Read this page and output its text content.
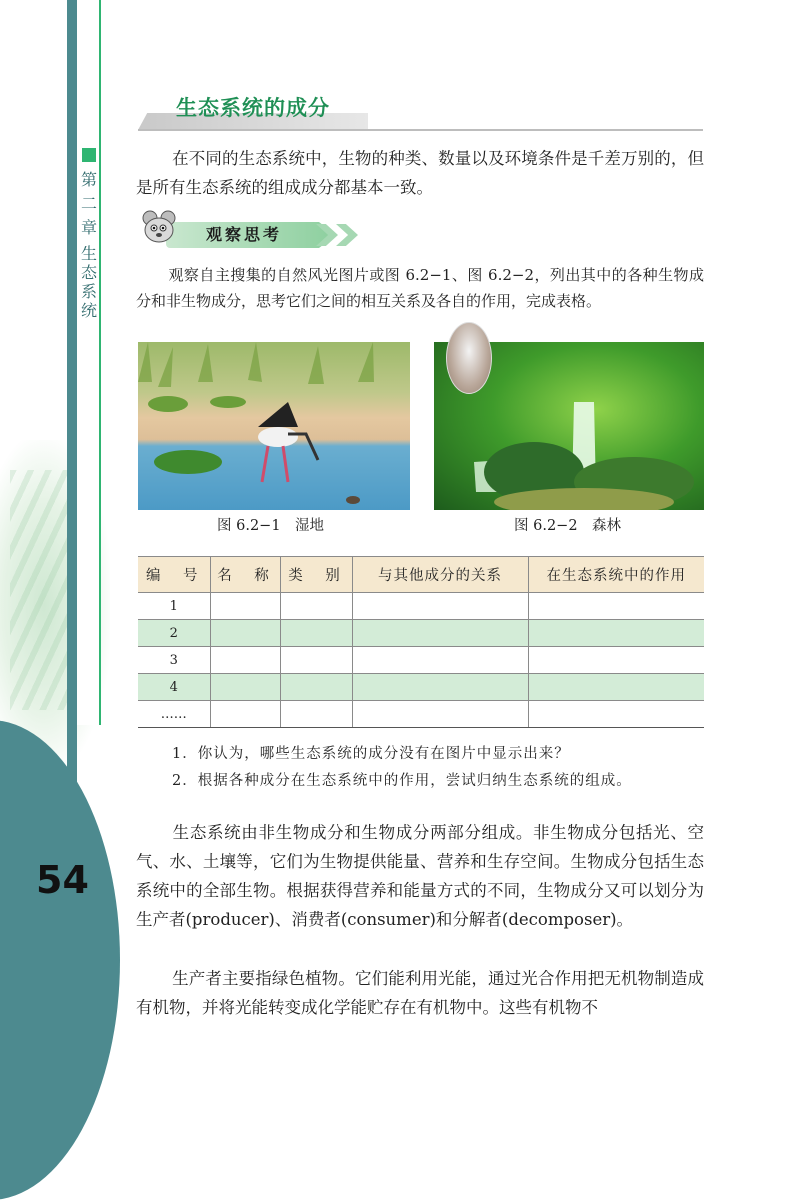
第
二
章
生态系统
54
生态系统的成分
在不同的生态系统中，生物的种类、数量以及环境条件是千差万别的，但是所有生态系统的组成成分都基本一致。
观察思考
观察自主搜集的自然风光图片或图 6.2−1、图 6.2−2，列出其中的各种生物成分和非生物成分，思考它们之间的相互关系及各自的作用，完成表格。
图 6.2−1　 湿地	图 6.2−2　 森林
编　号	名　称	类　别	与其他成分的关系	在生态系统中的作用
1				
2				
3				
4				
……				
1．你认为，哪些生态系统的成分没有在图片中显示出来？
2．根据各种成分在生态系统中的作用，尝试归纳生态系统的组成。
生态系统由非生物成分和生物成分两部分组成。非生物成分包括光、空气、水、土壤等，它们为生物提供能量、营养和生存空间。生物成分包括生态系统中的全部生物。根据获得营养和能量方式的不同，生物成分又可以划分为生产者(producer)、消费者(consumer)和分解者(decomposer)。
生产者主要指绿色植物。它们能利用光能，通过光合作用把无机物制造成有机物，并将光能转变成化学能贮存在有机物中。这些有机物不
